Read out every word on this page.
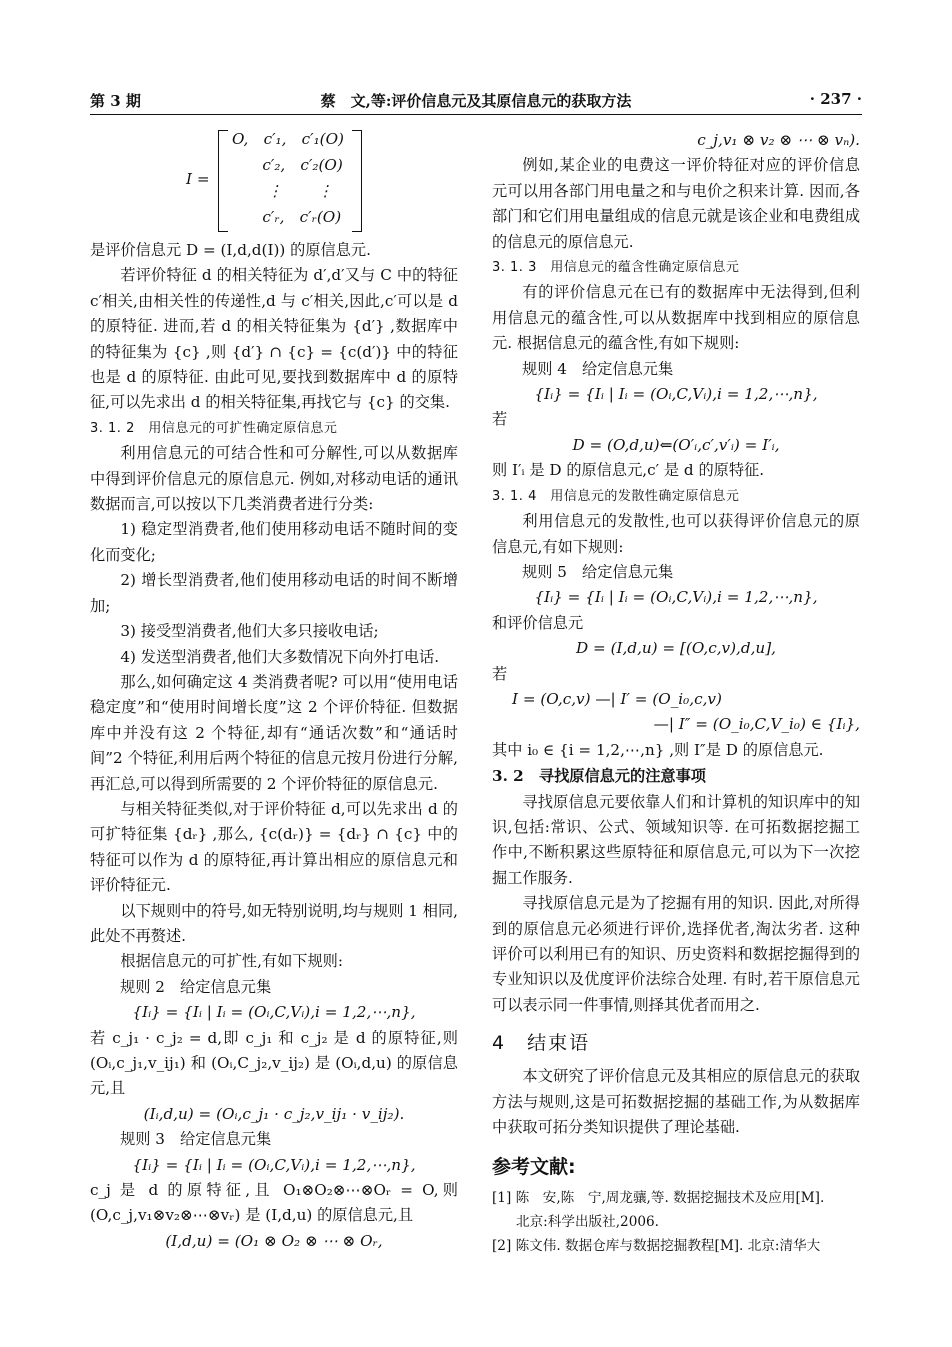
第 3 期	蔡　文,等:评价信息元及其原信息元的获取方法	· 237 ·
I =
O,　c′₁,　c′₁(O)
　　c′₂,　c′₂(O)
　　 ⋮　　 ⋮
　　c′ᵣ,　c′ᵣ(O)

是评价信息元 D = (I,d,d(I)) 的原信息元.

若评价特征 d 的相关特征为 d′,d′又与 C 中的特征 c′相关,由相关性的传递性,d 与 c′相关,因此,c′可以是 d 的原特征. 进而,若 d 的相关特征集为 {d′} ,数据库中的特征集为 {c} ,则 {d′} ∩ {c} = {c(d′)} 中的特征也是 d 的原特征. 由此可见,要找到数据库中 d 的原特征,可以先求出 d 的相关特征集,再找它与 {c} 的交集.

3. 1. 2　用信息元的可扩性确定原信息元

利用信息元的可结合性和可分解性,可以从数据库中得到评价信息元的原信息元. 例如,对移动电话的通讯数据而言,可以按以下几类消费者进行分类:

1) 稳定型消费者,他们使用移动电话不随时间的变化而变化;

2) 增长型消费者,他们使用移动电话的时间不断增加;

3) 接受型消费者,他们大多只接收电话;

4) 发送型消费者,他们大多数情况下向外打电话.

那么,如何确定这 4 类消费者呢? 可以用“使用电话稳定度”和“使用时间增长度”这 2 个评价特征. 但数据库中并没有这 2 个特征,却有“通话次数”和“通话时间”2 个特征,利用后两个特征的信息元按月份进行分解,再汇总,可以得到所需要的 2 个评价特征的原信息元.

与相关特征类似,对于评价特征 d,可以先求出 d 的可扩特征集 {dᵣ} ,那么, {c(dᵣ)} = {dᵣ} ∩ {c} 中的特征可以作为 d 的原特征,再计算出相应的原信息元和评价特征元.

以下规则中的符号,如无特别说明,均与规则 1 相同,此处不再赘述.

根据信息元的可扩性,有如下规则:

规则 2　给定信息元集

{Iᵢ} = {Iᵢ | Iᵢ = (Oᵢ,C,Vᵢ),i = 1,2,⋯,n},

若 c_j₁ · c_j₂ = d,即 c_j₁ 和 c_j₂ 是 d 的原特征,则 (Oᵢ,c_j₁,v_ij₁) 和 (Oᵢ,C_j₂,v_ij₂) 是 (Oᵢ,d,u) 的原信息元,且

(Iᵢ,d,u) = (Oᵢ,c_j₁ · c_j₂,v_ij₁ · v_ij₂).

规则 3　给定信息元集

{Iᵢ} = {Iᵢ | Iᵢ = (Oᵢ,C,Vᵢ),i = 1,2,⋯,n},

c_j 是 d 的原特征,且 O₁⊗O₂⊗⋯⊗Oᵣ = O,则 (O,c_j,v₁⊗v₂⊗⋯⊗vᵣ) 是 (I,d,u) 的原信息元,且

(I,d,u) = (O₁ ⊗ O₂ ⊗ ⋯ ⊗ Oᵣ,

c_j,v₁ ⊗ v₂ ⊗ ⋯ ⊗ vₙ).

例如,某企业的电费这一评价特征对应的评价信息元可以用各部门用电量之和与电价之积来计算. 因而,各部门和它们用电量组成的信息元就是该企业和电费组成的信息元的原信息元.

3. 1. 3　用信息元的蕴含性确定原信息元

有的评价信息元在已有的数据库中无法得到,但利用信息元的蕴含性,可以从数据库中找到相应的原信息元. 根据信息元的蕴含性,有如下规则:

规则 4　给定信息元集

{Iᵢ} = {Iᵢ | Iᵢ = (Oᵢ,C,Vᵢ),i = 1,2,⋯,n},

若

D = (O,d,u)⇐(O′ᵢ,c′,v′ᵢ) = I′ᵢ,

则 I′ᵢ 是 D 的原信息元,c′ 是 d 的原特征.

3. 1. 4　用信息元的发散性确定原信息元

利用信息元的发散性,也可以获得评价信息元的原信息元,有如下规则:

规则 5　给定信息元集

{Iᵢ} = {Iᵢ | Iᵢ = (Oᵢ,C,Vᵢ),i = 1,2,⋯,n},

和评价信息元

D = (I,d,u) = [(O,c,v),d,u],

若

I = (O,c,v) —| I′ = (O_i₀,c,v)

—| I″ = (O_i₀,C,V_i₀) ∈ {Iᵢ},

其中 i₀ ∈ {i = 1,2,⋯,n} ,则 I″是 D 的原信息元.

3. 2　寻找原信息元的注意事项

寻找原信息元要依靠人们和计算机的知识库中的知识,包括:常识、公式、领域知识等. 在可拓数据挖掘工作中,不断积累这些原特征和原信息元,可以为下一次挖掘工作服务.

寻找原信息元是为了挖掘有用的知识. 因此,对所得到的原信息元必须进行评价,选择优者,淘汰劣者. 这种评价可以利用已有的知识、历史资料和数据挖掘得到的专业知识以及优度评价法综合处理. 有时,若干原信息元可以表示同一件事情,则择其优者而用之.

4　结束语

本文研究了评价信息元及其相应的原信息元的获取方法与规则,这是可拓数据挖掘的基础工作,为从数据库中获取可拓分类知识提供了理论基础.

参考文献:

[1] 陈　安,陈　宁,周龙骧,等. 数据挖掘技术及应用[M].
北京:科学出版社,2006.
[2] 陈文伟. 数据仓库与数据挖掘教程[M]. 北京:清华大
